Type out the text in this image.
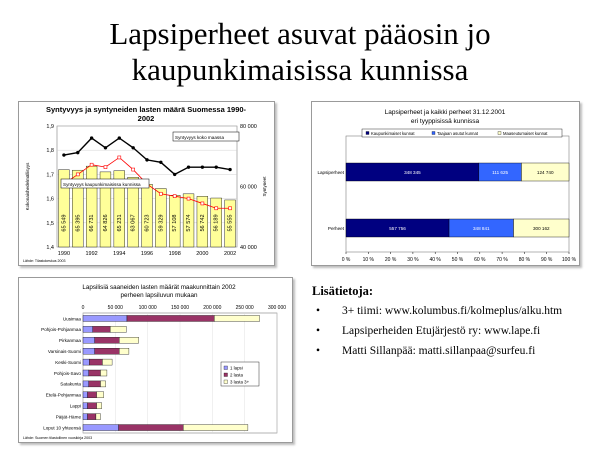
Lapsiperheet asuvat pääosin jo
kaupunkimaisissa kunnissa
Syntyvyys ja syntyneiden lasten määrä Suomessa 1990-
2002
Lähde: Tilastokeskus 2003
1,9
1,8
1,7
1,6
1,5
1,4
80 000
60 000
40 000
Kokonaishedelmällisyys	Syntyneet
65 549 65 395 66 731 64 826 65 231 63 067 60 723 59 329 57 108 57 574 56 742 56 189 55 555
Syntyvyys koko maassa
Syntyvyys kaupunkimaisissa kunnissa
1990	1992	1994	1996	1998	2000	2002
Lapsiperheet ja kaikki perheet 31.12.2001
eri tyyppisissä kunnissa
0 % 10 % 20 % 30 % 40 % 50 % 60 % 70 % 80 % 90 % 100 %
Kaupunkimaiset kunnat	Taajaan asutut kunnat	Maaseutumaiset kunnat
Lapsiperheet	348 345	111 625	124 740
Perheet	557 756	348 841	300 162
Lapsilisiä saaneiden lasten määrät maakunnittain 2002
perheen lapsiluvun mukaan
Lähde: Suomen tilastollinen vuosikirja 2003
0	50 000	100 000	150 000	200 000	250 000	300 000
Uusimaa
Pohjois-Pohjanmaa
Pirkanmaa
Varsinais-Suomi
Keski-Suomi
Pohjois-Savo
Satakunta
Etelä-Pohjanmaa
Lappi
Päijät-Häme
Loput 10 yhteensä
1 lapsi
2 lasta
3 lasta 3+
Lisätietoja:
•	3+ tiimi: www.kolumbus.fi/kolmeplus/alku.htm
•	Lapsiperheiden Etujärjestö ry: www.lape.fi
•	Matti Sillanpää: matti.sillanpaa@surfeu.fi
